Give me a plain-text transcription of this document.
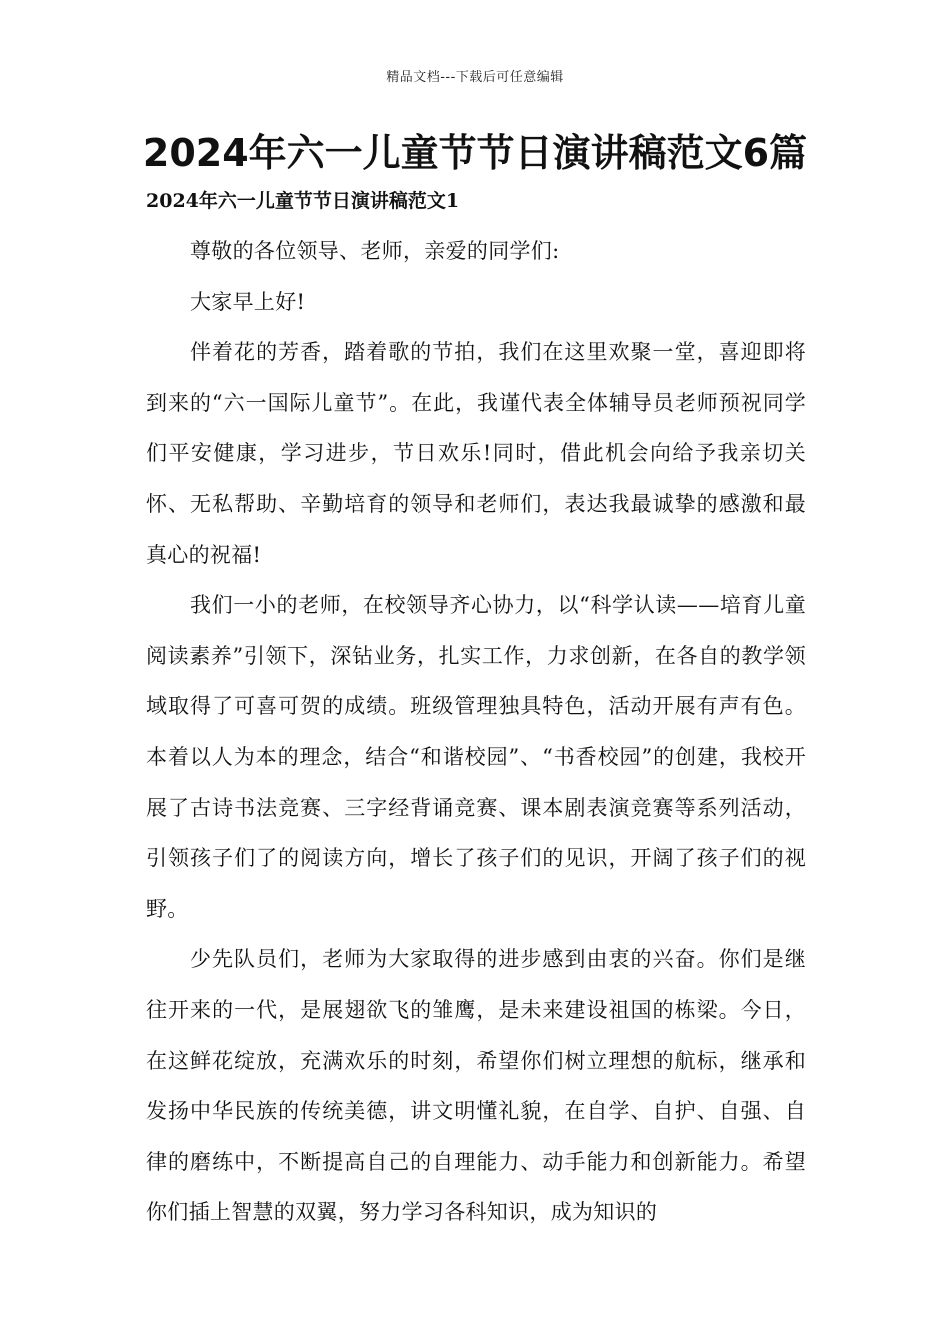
精品文档---下载后可任意编辑
2024年六一儿童节节日演讲稿范文6篇
2024年六一儿童节节日演讲稿范文1

尊敬的各位领导、老师，亲爱的同学们:

大家早上好!

伴着花的芳香，踏着歌的节拍，我们在这里欢聚一堂，喜迎即将到来的“六一国际儿童节”。在此，我谨代表全体辅导员老师预祝同学们平安健康，学习进步，节日欢乐!同时，借此机会向给予我亲切关怀、无私帮助、辛勤培育的领导和老师们，表达我最诚挚的感激和最真心的祝福!

我们一小的老师，在校领导齐心协力，以“科学认读——培育儿童阅读素养”引领下，深钻业务，扎实工作，力求创新，在各自的教学领域取得了可喜可贺的成绩。班级管理独具特色，活动开展有声有色。本着以人为本的理念，结合“和谐校园”、“书香校园”的创建，我校开展了古诗书法竞赛、三字经背诵竞赛、课本剧表演竞赛等系列活动，引领孩子们了的阅读方向，增长了孩子们的见识，开阔了孩子们的视野。

少先队员们，老师为大家取得的进步感到由衷的兴奋。你们是继往开来的一代，是展翅欲飞的雏鹰，是未来建设祖国的栋梁。今日，在这鲜花绽放，充满欢乐的时刻，希望你们树立理想的航标，继承和发扬中华民族的传统美德，讲文明懂礼貌，在自学、自护、自强、自律的磨练中，不断提高自己的自理能力、动手能力和创新能力。希望你们插上智慧的双翼，努力学习各科知识，成为知识的
